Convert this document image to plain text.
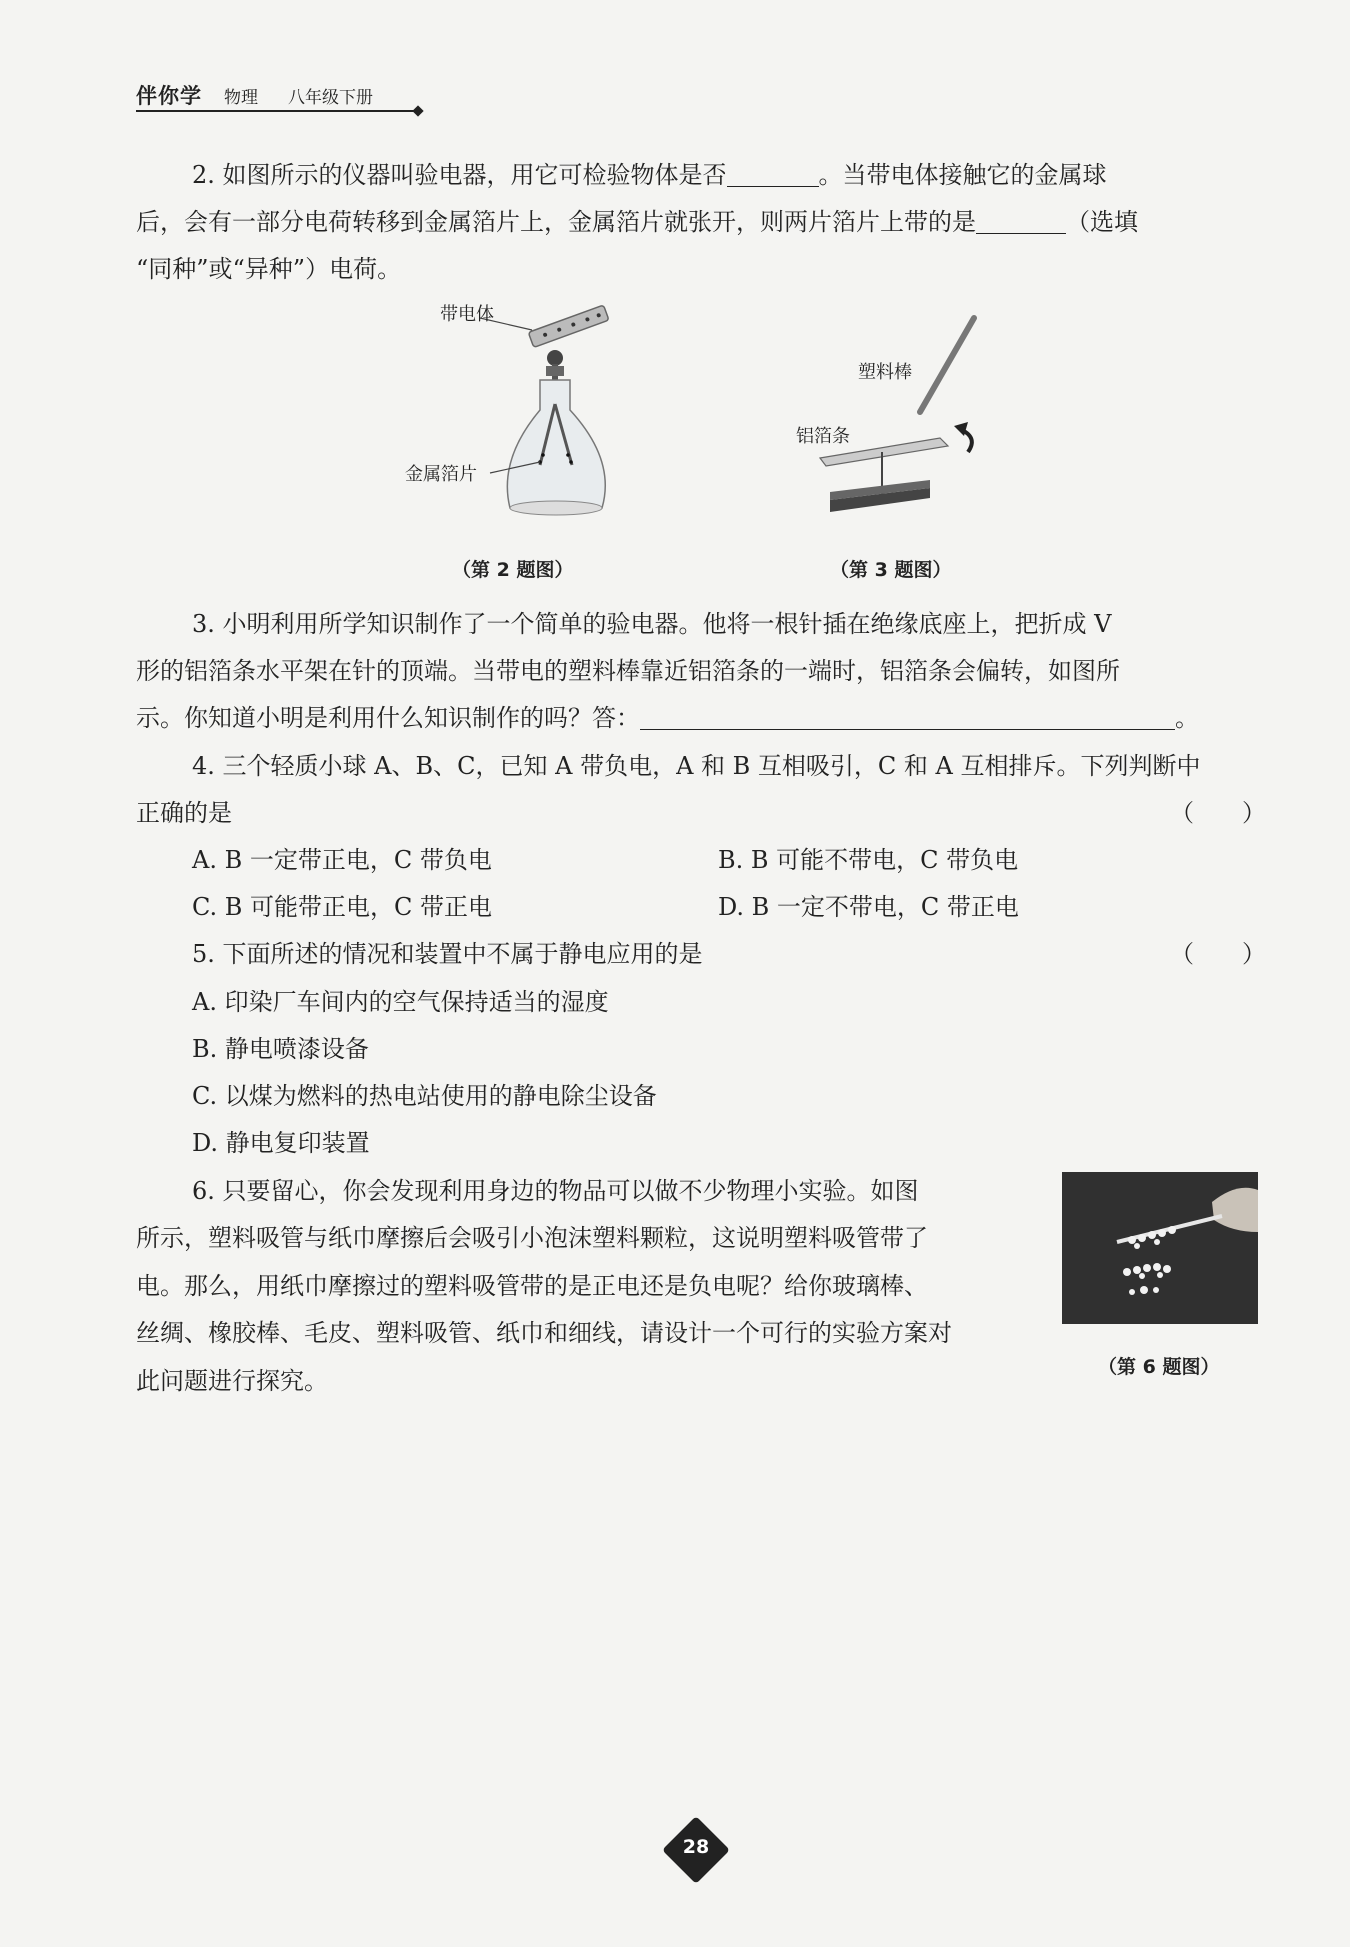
伴你学 物理 八年级下册
2. 如图所示的仪器叫验电器，用它可检验物体是否	。当带电体接触它的金属球
后，会有一部分电荷转移到金属箔片上，金属箔片就张开，则两片箔片上带的是	（选填
“同种”或“异种”）电荷。
带电体
金属箔片
（第 2 题图）
塑料棒
铝箔条
（第 3 题图）
3. 小明利用所学知识制作了一个简单的验电器。他将一根针插在绝缘底座上，把折成 V
形的铝箔条水平架在针的顶端。当带电的塑料棒靠近铝箔条的一端时，铝箔条会偏转，如图所
示。你知道小明是利用什么知识制作的吗？答：	。
4. 三个轻质小球 A、B、C，已知 A 带负电，A 和 B 互相吸引，C 和 A 互相排斥。下列判断中
正确的是	（　　）
A. B 一定带正电，C 带负电	B. B 可能不带电，C 带负电
C. B 可能带正电，C 带正电	D. B 一定不带电，C 带正电
5. 下面所述的情况和装置中不属于静电应用的是	（　　）
A. 印染厂车间内的空气保持适当的湿度
B. 静电喷漆设备
C. 以煤为燃料的热电站使用的静电除尘设备
D. 静电复印装置
6. 只要留心，你会发现利用身边的物品可以做不少物理小实验。如图
所示，塑料吸管与纸巾摩擦后会吸引小泡沫塑料颗粒，这说明塑料吸管带了
电。那么，用纸巾摩擦过的塑料吸管带的是正电还是负电呢？给你玻璃棒、
丝绸、橡胶棒、毛皮、塑料吸管、纸巾和细线，请设计一个可行的实验方案对
此问题进行探究。	（第 6 题图）
28
